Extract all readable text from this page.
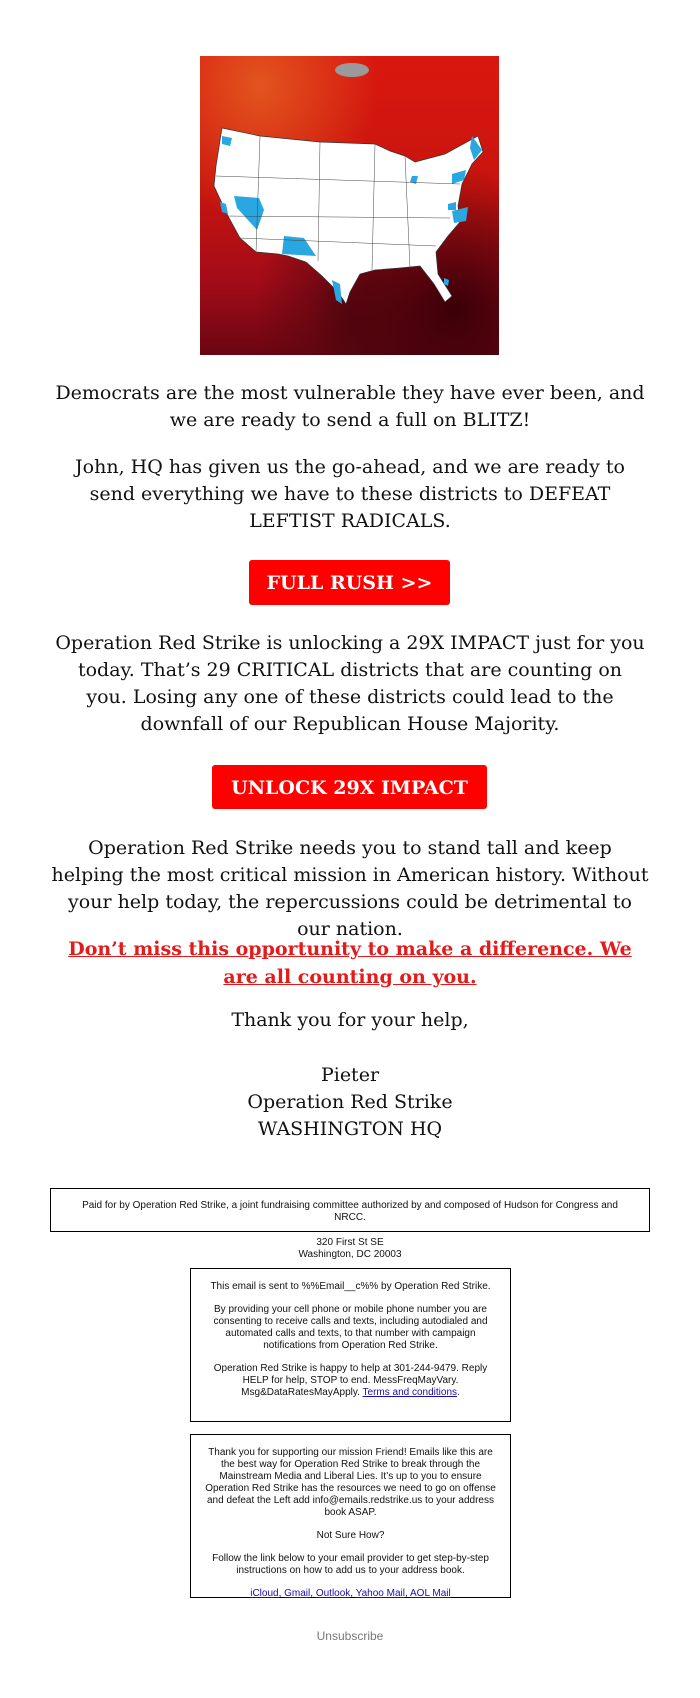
Democrats are the most vulnerable they have ever been, and we are ready to send a full on BLITZ!

John, HQ has given us the go-ahead, and we are ready to send everything we have to these districts to DEFEAT LEFTIST RADICALS.

FULL RUSH >>

Operation Red Strike is unlocking a 29X IMPACT just for you today. That’s 29 CRITICAL districts that are counting on you. Losing any one of these districts could lead to the downfall of our Republican House Majority.

UNLOCK 29X IMPACT

Operation Red Strike needs you to stand tall and keep helping the most critical mission in American history. Without your help today, the repercussions could be detrimental to our nation.

Don’t miss this opportunity to make a difference. We are all counting on you.

Thank you for your help,

Pieter
Operation Red Strike
WASHINGTON HQ
Paid for by Operation Red Strike, a joint fundraising committee authorized by and composed of Hudson for Congress and NRCC.
320 First St SE
Washington, DC 20003
This email is sent to %%Email__c%% by Operation Red Strike.
By providing your cell phone or mobile phone number you are consenting to receive calls and texts, including autodialed and automated calls and texts, to that number with campaign notifications from Operation Red Strike.
Operation Red Strike is happy to help at 301-244-9479. Reply HELP for help, STOP to end. MessFreqMayVary. Msg&DataRatesMayApply. Terms and conditions.
Thank you for supporting our mission Friend! Emails like this are the best way for Operation Red Strike to break through the Mainstream Media and Liberal Lies. It’s up to you to ensure Operation Red Strike has the resources we need to go on offense and defeat the Left add info@emails.redstrike.us to your address book ASAP.
Not Sure How?
Follow the link below to your email provider to get step-by-step instructions on how to add us to your address book.
iCloud, Gmail, Outlook, Yahoo Mail, AOL Mail
Unsubscribe
